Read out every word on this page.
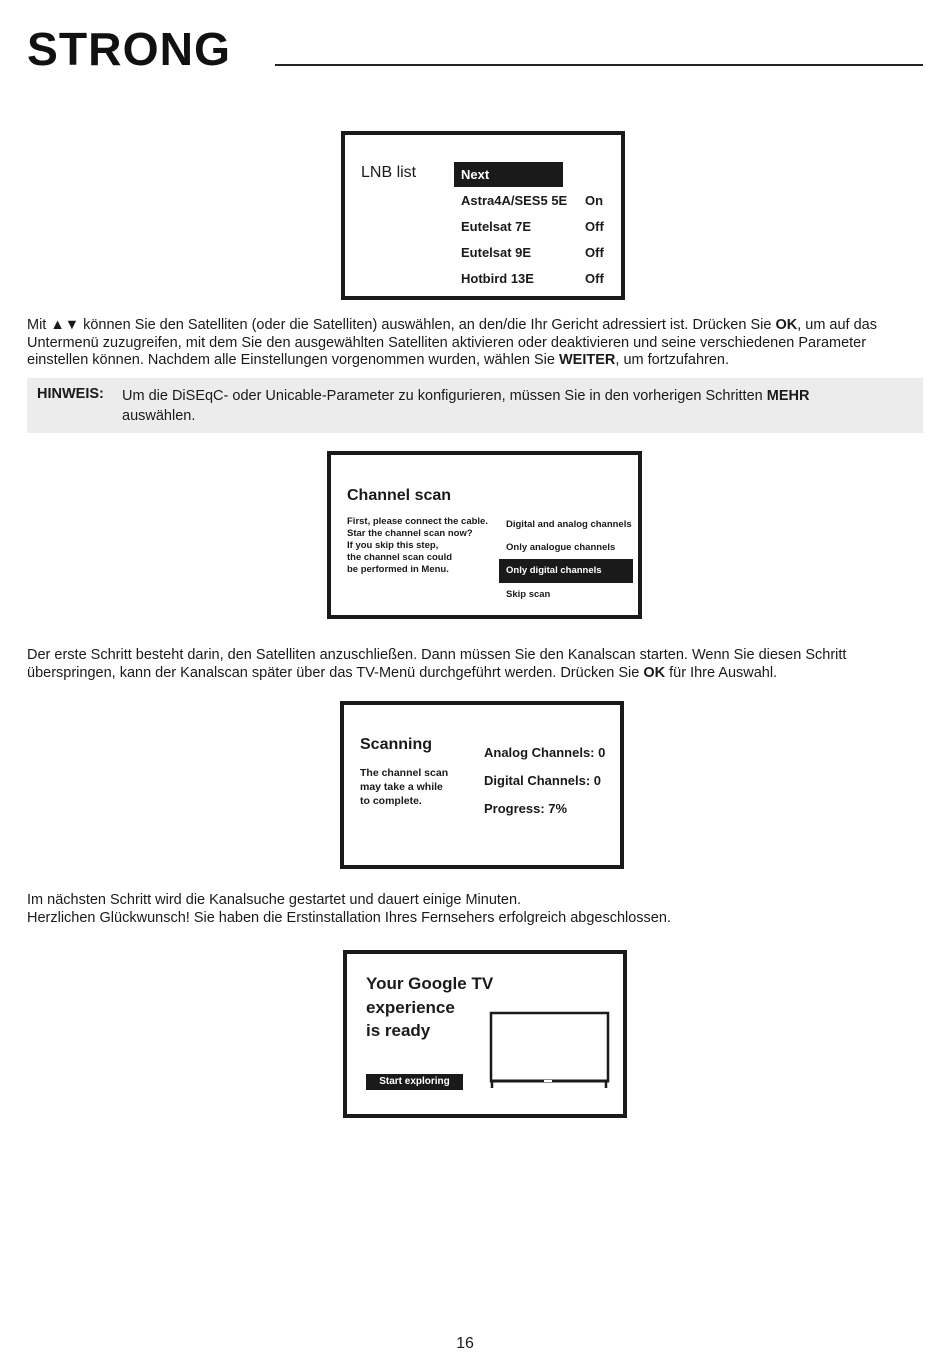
STRONG
LNB list	Next
Astra4A/SES5 5E On
Eutelsat 7E	Off
Eutelsat 9E	Off
Hotbird 13E	Off

Mit ▲▼ können Sie den Satelliten (oder die Satelliten) auswählen, an den/die Ihr Gericht adressiert ist. Drücken Sie OK, um auf das Untermenü zuzugreifen, mit dem Sie den ausgewählten Satelliten aktivieren oder deaktivieren und seine verschiedenen Parameter einstellen können. Nachdem alle Einstellungen vorgenommen wurden, wählen Sie WEITER, um fortzufahren.

HINWEIS: Um die DiSEqC- oder Unicable-Parameter zu konfigurieren, müssen Sie in den vorherigen Schritten MEHR auswählen.
Channel scan
First, please connect the cable.
Star the channel scan now?
If you skip this step,
the channel scan could
be performed in Menu.
Digital and analog channels
Only analogue channels
Only digital channels
Skip scan

Der erste Schritt besteht darin, den Satelliten anzuschließen. Dann müssen Sie den Kanalscan starten. Wenn Sie diesen Schritt überspringen, kann der Kanalscan später über das TV-Menü durchgeführt werden. Drücken Sie OK für Ihre Auswahl.

Scanning
The channel scan
may take a while
to complete.
Analog Channels: 0
Digital Channels: 0
Progress: 7%
Im nächsten Schritt wird die Kanalsuche gestartet und dauert einige Minuten.
Herzlichen Glückwunsch! Sie haben die Erstinstallation Ihres Fernsehers erfolgreich abgeschlossen.
Your Google TV
experience
is ready
Start exploring
16
